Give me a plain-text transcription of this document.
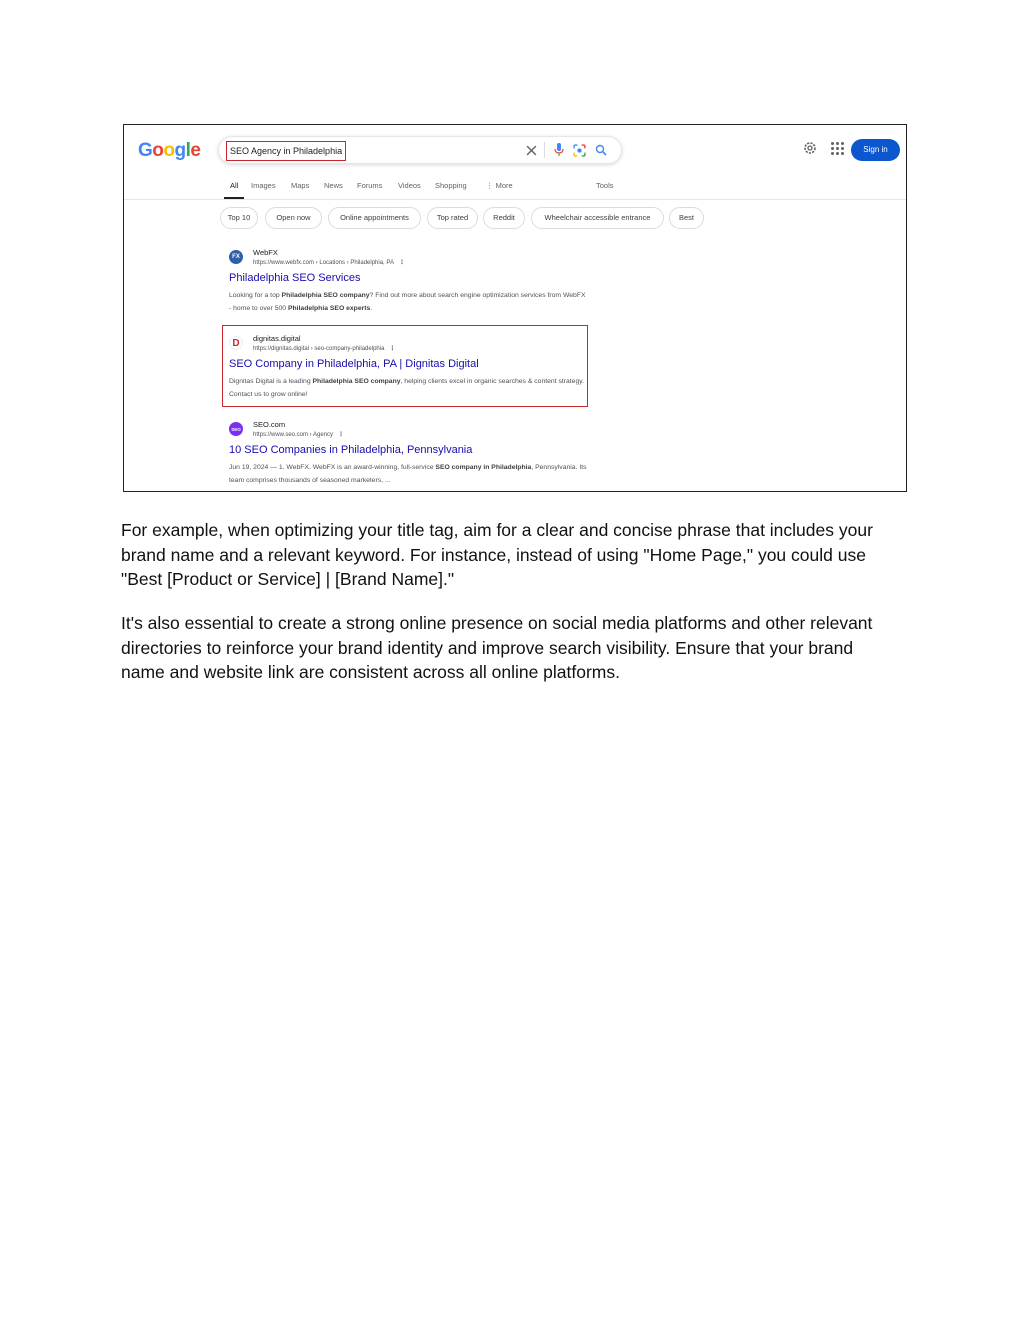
Google	SEO Agency in Philadelphia	Sign in
All Images Maps News Forums Videos Shopping	⋮ More	Tools
Top 10	Open now	Online appointments	Top rated	Reddit	Wheelchair accessible entrance	Best
FX	WebFX
https://www.webfx.com › Locations › Philadelphia, PA ⋮
Philadelphia SEO Services
Looking for a top Philadelphia SEO company? Find out more about search engine optimization services from WebFX - home to over 500 Philadelphia SEO experts.
D	dignitas.digital
https://dignitas.digital › seo-company-philadelphia ⋮
SEO Company in Philadelphia, PA | Dignitas Digital
Dignitas Digital is a leading Philadelphia SEO company, helping clients excel in organic searches & content strategy. Contact us to grow online!
SEO	SEO.com
https://www.seo.com › Agency ⋮
10 SEO Companies in Philadelphia, Pennsylvania
Jun 19, 2024 — 1. WebFX. WebFX is an award-winning, full-service SEO company in Philadelphia, Pennsylvania. Its team comprises thousands of seasoned marketers, ...

For example, when optimizing your title tag, aim for a clear and concise phrase that includes your brand name and a relevant keyword. For instance, instead of using "Home Page," you could use "Best [Product or Service] | [Brand Name]."

It's also essential to create a strong online presence on social media platforms and other relevant directories to reinforce your brand identity and improve search visibility. Ensure that your brand name and website link are consistent across all online platforms.
